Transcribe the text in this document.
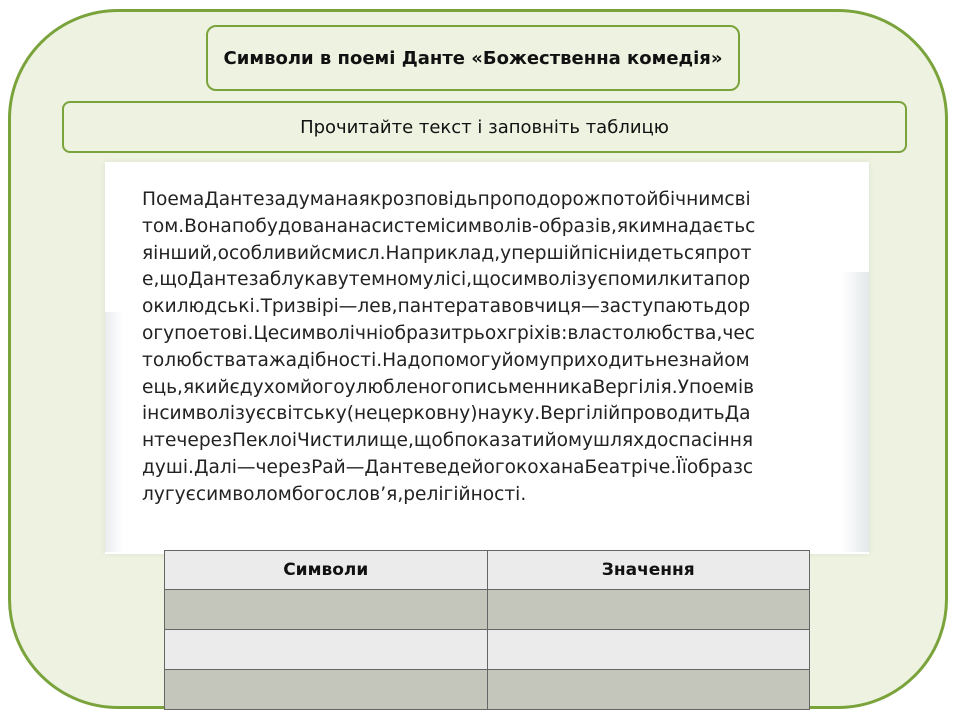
Символи в поемі Данте «Божественна комедія»
Прочитайте текст і заповніть таблицю
ПоемаДантезадуманаякрозповідьпроподорожпотойбічнимсві
том.Вонапобудовананасистемісимволів-образів,якимнадаєтьс
яінший,особливийсмисл.Наприклад,упершійпісніидетьсяпрот
е,щоДантезаблукавутемномулісі,щосимволізуєпомилкитапор
окилюдські.Тризвірі—лев,пантератавовчиця—заступаютьдор
огупоетові.Цесимволічніобразитрьохгріхів:властолюбства,чес
толюбстватажадібності.Надопомогуйомуприходитьнезнайом
ець,якийєдухомйогоулюбленогописьменникаВергілія.Упоемів
інсимволізуєсвітську(нецерковну)науку.ВергілійпроводитьДа
нтечерезПеклоіЧистилище,щобпоказатийомушляхдоспасіння
душі.Далі—черезРай—ДантеведейогокоханаБеатріче.Їїобразс
лугуєсимволомбогослов’я,релігійності.
Символи	Значення
